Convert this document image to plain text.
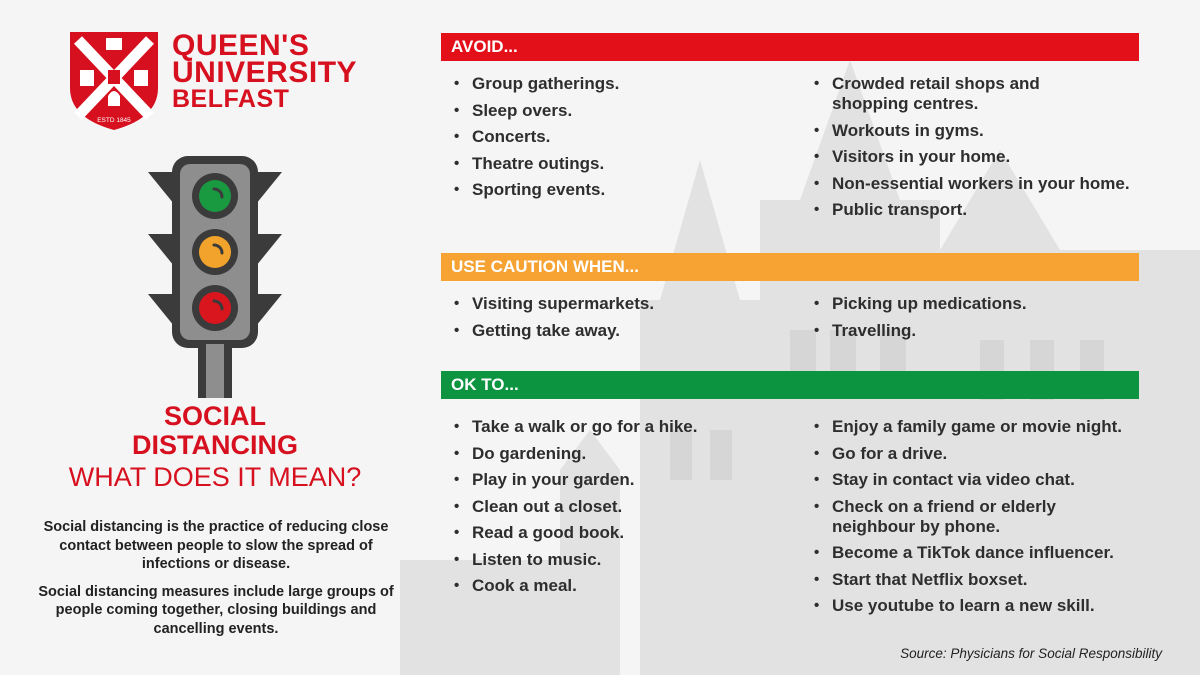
ESTD 1845
QUEEN'S
UNIVERSITY
BELFAST
SOCIAL
DISTANCING
WHAT DOES IT MEAN?

Social distancing is the practice of reducing close contact between people to slow the spread of infections or disease.

Social distancing measures include large groups of people coming together, closing buildings and cancelling events.

AVOID...
• Group gatherings.
• Sleep overs.
• Concerts.
• Theatre outings.
• Sporting events.
• Crowded retail shops and shopping centres.
• Workouts in gyms.
• Visitors in your home.
• Non-essential workers in your home.
• Public transport.
USE CAUTION WHEN...
• Visiting supermarkets.
• Getting take away.
• Picking up medications.
• Travelling.
OK TO...
• Take a walk or go for a hike.
• Do gardening.
• Play in your garden.
• Clean out a closet.
• Read a good book.
• Listen to music.
• Cook a meal.
• Enjoy a family game or movie night.
• Go for a drive.
• Stay in contact via video chat.
• Check on a friend or elderly neighbour by phone.
• Become a TikTok dance influencer.
• Start that Netflix boxset.
• Use youtube to learn a new skill.
Source: Physicians for Social Responsibility
